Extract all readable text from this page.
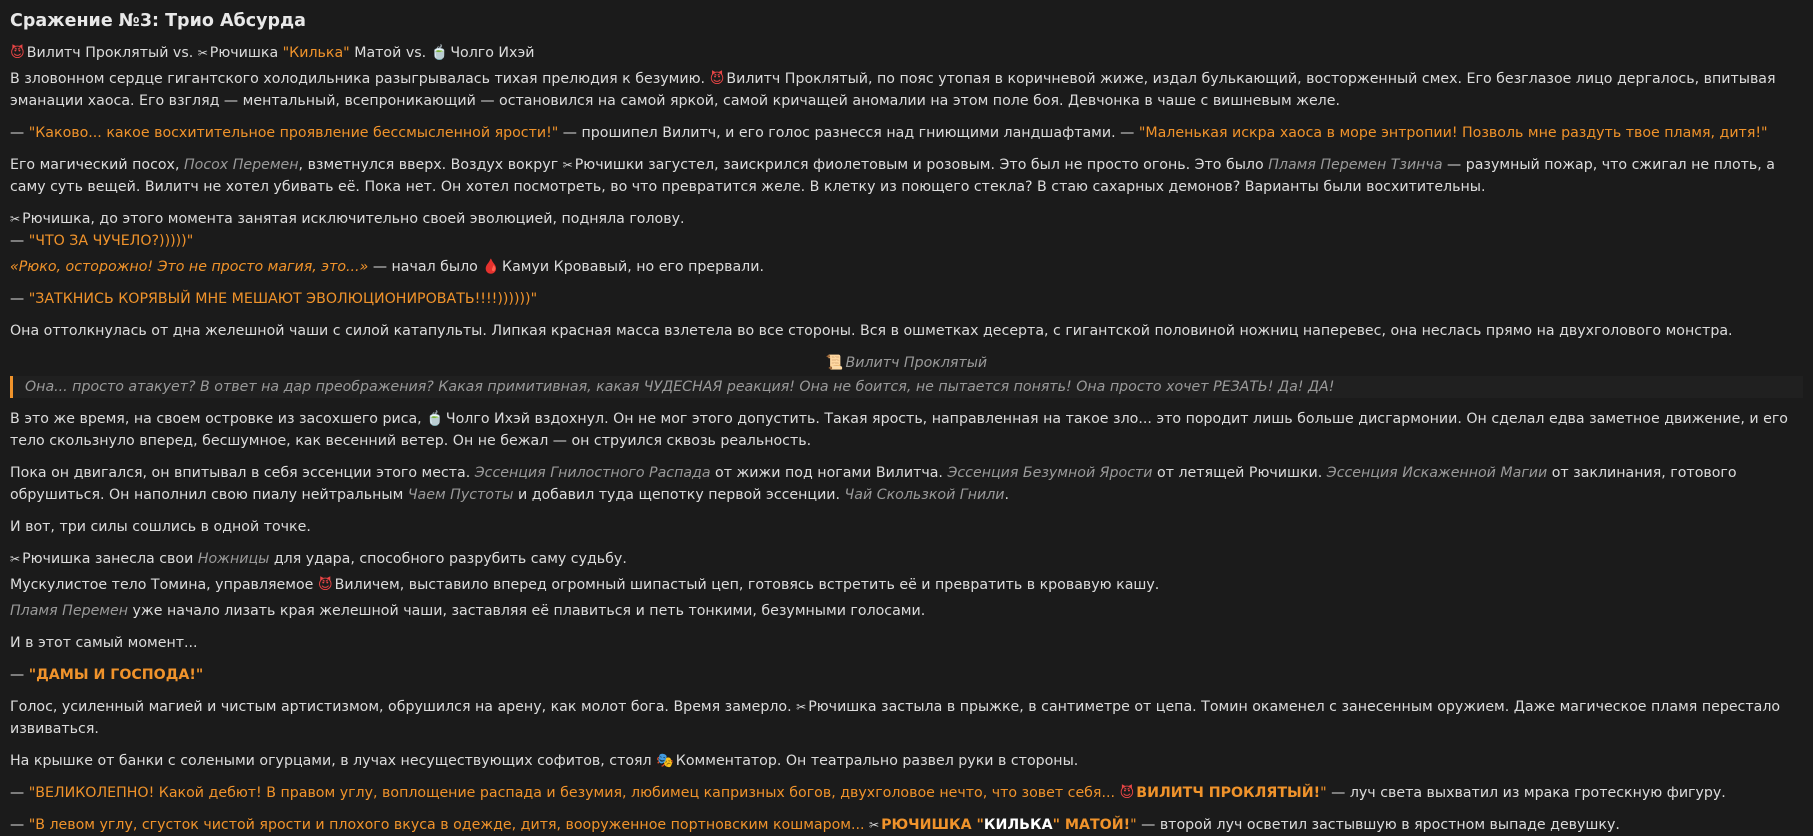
Сражение №3: Трио Абсурда

😈 Вилитч Проклятый vs. ✂ Рючишка "Килька" Матой vs. 🍵 Чолго Ихэй

В зловонном сердце гигантского холодильника разыгрывалась тихая прелюдия к безумию. 😈 Вилитч Проклятый, по пояс утопая в коричневой жиже, издал булькающий, восторженный смех. Его безглазое лицо дергалось, впитывая эманации хаоса. Его взгляд — ментальный, всепроникающий — остановился на самой яркой, самой кричащей аномалии на этом поле боя. Девчонка в чаше с вишневым желе.

— "Каково... какое восхитительное проявление бессмысленной ярости!" — прошипел Вилитч, и его голос разнесся над гниющими ландшафтами. — "Маленькая искра хаоса в море энтропии! Позволь мне раздуть твое пламя, дитя!"

Его магический посох, Посох Перемен, взметнулся вверх. Воздух вокруг ✂ Рючишки загустел, заискрился фиолетовым и розовым. Это был не просто огонь. Это было Пламя Перемен Тзинча — разумный пожар, что сжигал не плоть, а саму суть вещей. Вилитч не хотел убивать её. Пока нет. Он хотел посмотреть, во что превратится желе. В клетку из поющего стекла? В стаю сахарных демонов? Варианты были восхитительны.

✂ Рючишка, до этого момента занятая исключительно своей эволюцией, подняла голову.
— "ЧТО ЗА ЧУЧЕЛО?)))))"

«Рюко, осторожно! Это не просто магия, это...» — начал было 🩸 Камуи Кровавый, но его прервали.

— "ЗАТКНИСЬ КОРЯВЫЙ МНЕ МЕШАЮТ ЭВОЛЮЦИОНИРОВАТЬ!!!!))))))"

Она оттолкнулась от дна желешной чаши с силой катапульты. Липкая красная масса взлетела во все стороны. Вся в ошметках десерта, с гигантской половиной ножниц наперевес, она неслась прямо на двухголового монстра.

📜 Вилитч Проклятый

Она... просто атакует? В ответ на дар преображения? Какая примитивная, какая ЧУДЕСНАЯ реакция! Она не боится, не пытается понять! Она просто хочет РЕЗАТЬ! Да! ДА!

В это же время, на своем островке из засохшего риса, 🍵 Чолго Ихэй вздохнул. Он не мог этого допустить. Такая ярость, направленная на такое зло... это породит лишь больше дисгармонии. Он сделал едва заметное движение, и его тело скользнуло вперед, бесшумное, как весенний ветер. Он не бежал — он струился сквозь реальность.

Пока он двигался, он впитывал в себя эссенции этого места. Эссенция Гнилостного Распада от жижи под ногами Вилитча. Эссенция Безумной Ярости от летящей Рючишки. Эссенция Искаженной Магии от заклинания, готового обрушиться. Он наполнил свою пиалу нейтральным Чаем Пустоты и добавил туда щепотку первой эссенции. Чай Скользкой Гнили.

И вот, три силы сошлись в одной точке.

✂ Рючишка занесла свои Ножницы для удара, способного разрубить саму судьбу.

Мускулистое тело Томина, управляемое 😈 Виличем, выставило вперед огромный шипастый цеп, готовясь встретить её и превратить в кровавую кашу.

Пламя Перемен уже начало лизать края желешной чаши, заставляя её плавиться и петь тонкими, безумными голосами.

И в этот самый момент...

— "ДАМЫ И ГОСПОДА!"

Голос, усиленный магией и чистым артистизмом, обрушился на арену, как молот бога. Время замерло. ✂ Рючишка застыла в прыжке, в сантиметре от цепа. Томин окаменел с занесенным оружием. Даже магическое пламя перестало извиваться.

На крышке от банки с солеными огурцами, в лучах несуществующих софитов, стоял 🎭 Комментатор. Он театрально развел руки в стороны.

— "ВЕЛИКОЛЕПНО! Какой дебют! В правом углу, воплощение распада и безумия, любимец капризных богов, двухголовое нечто, что зовет себя... 😈 ВИЛИТЧ ПРОКЛЯТЫЙ!" — луч света выхватил из мрака гротескную фигуру.

— "В левом углу, сгусток чистой ярости и плохого вкуса в одежде, дитя, вооруженное портновским кошмаром... ✂ РЮЧИШКА "КИЛЬКА" МАТОЙ!" — второй луч осветил застывшую в яростном выпаде девушку.
